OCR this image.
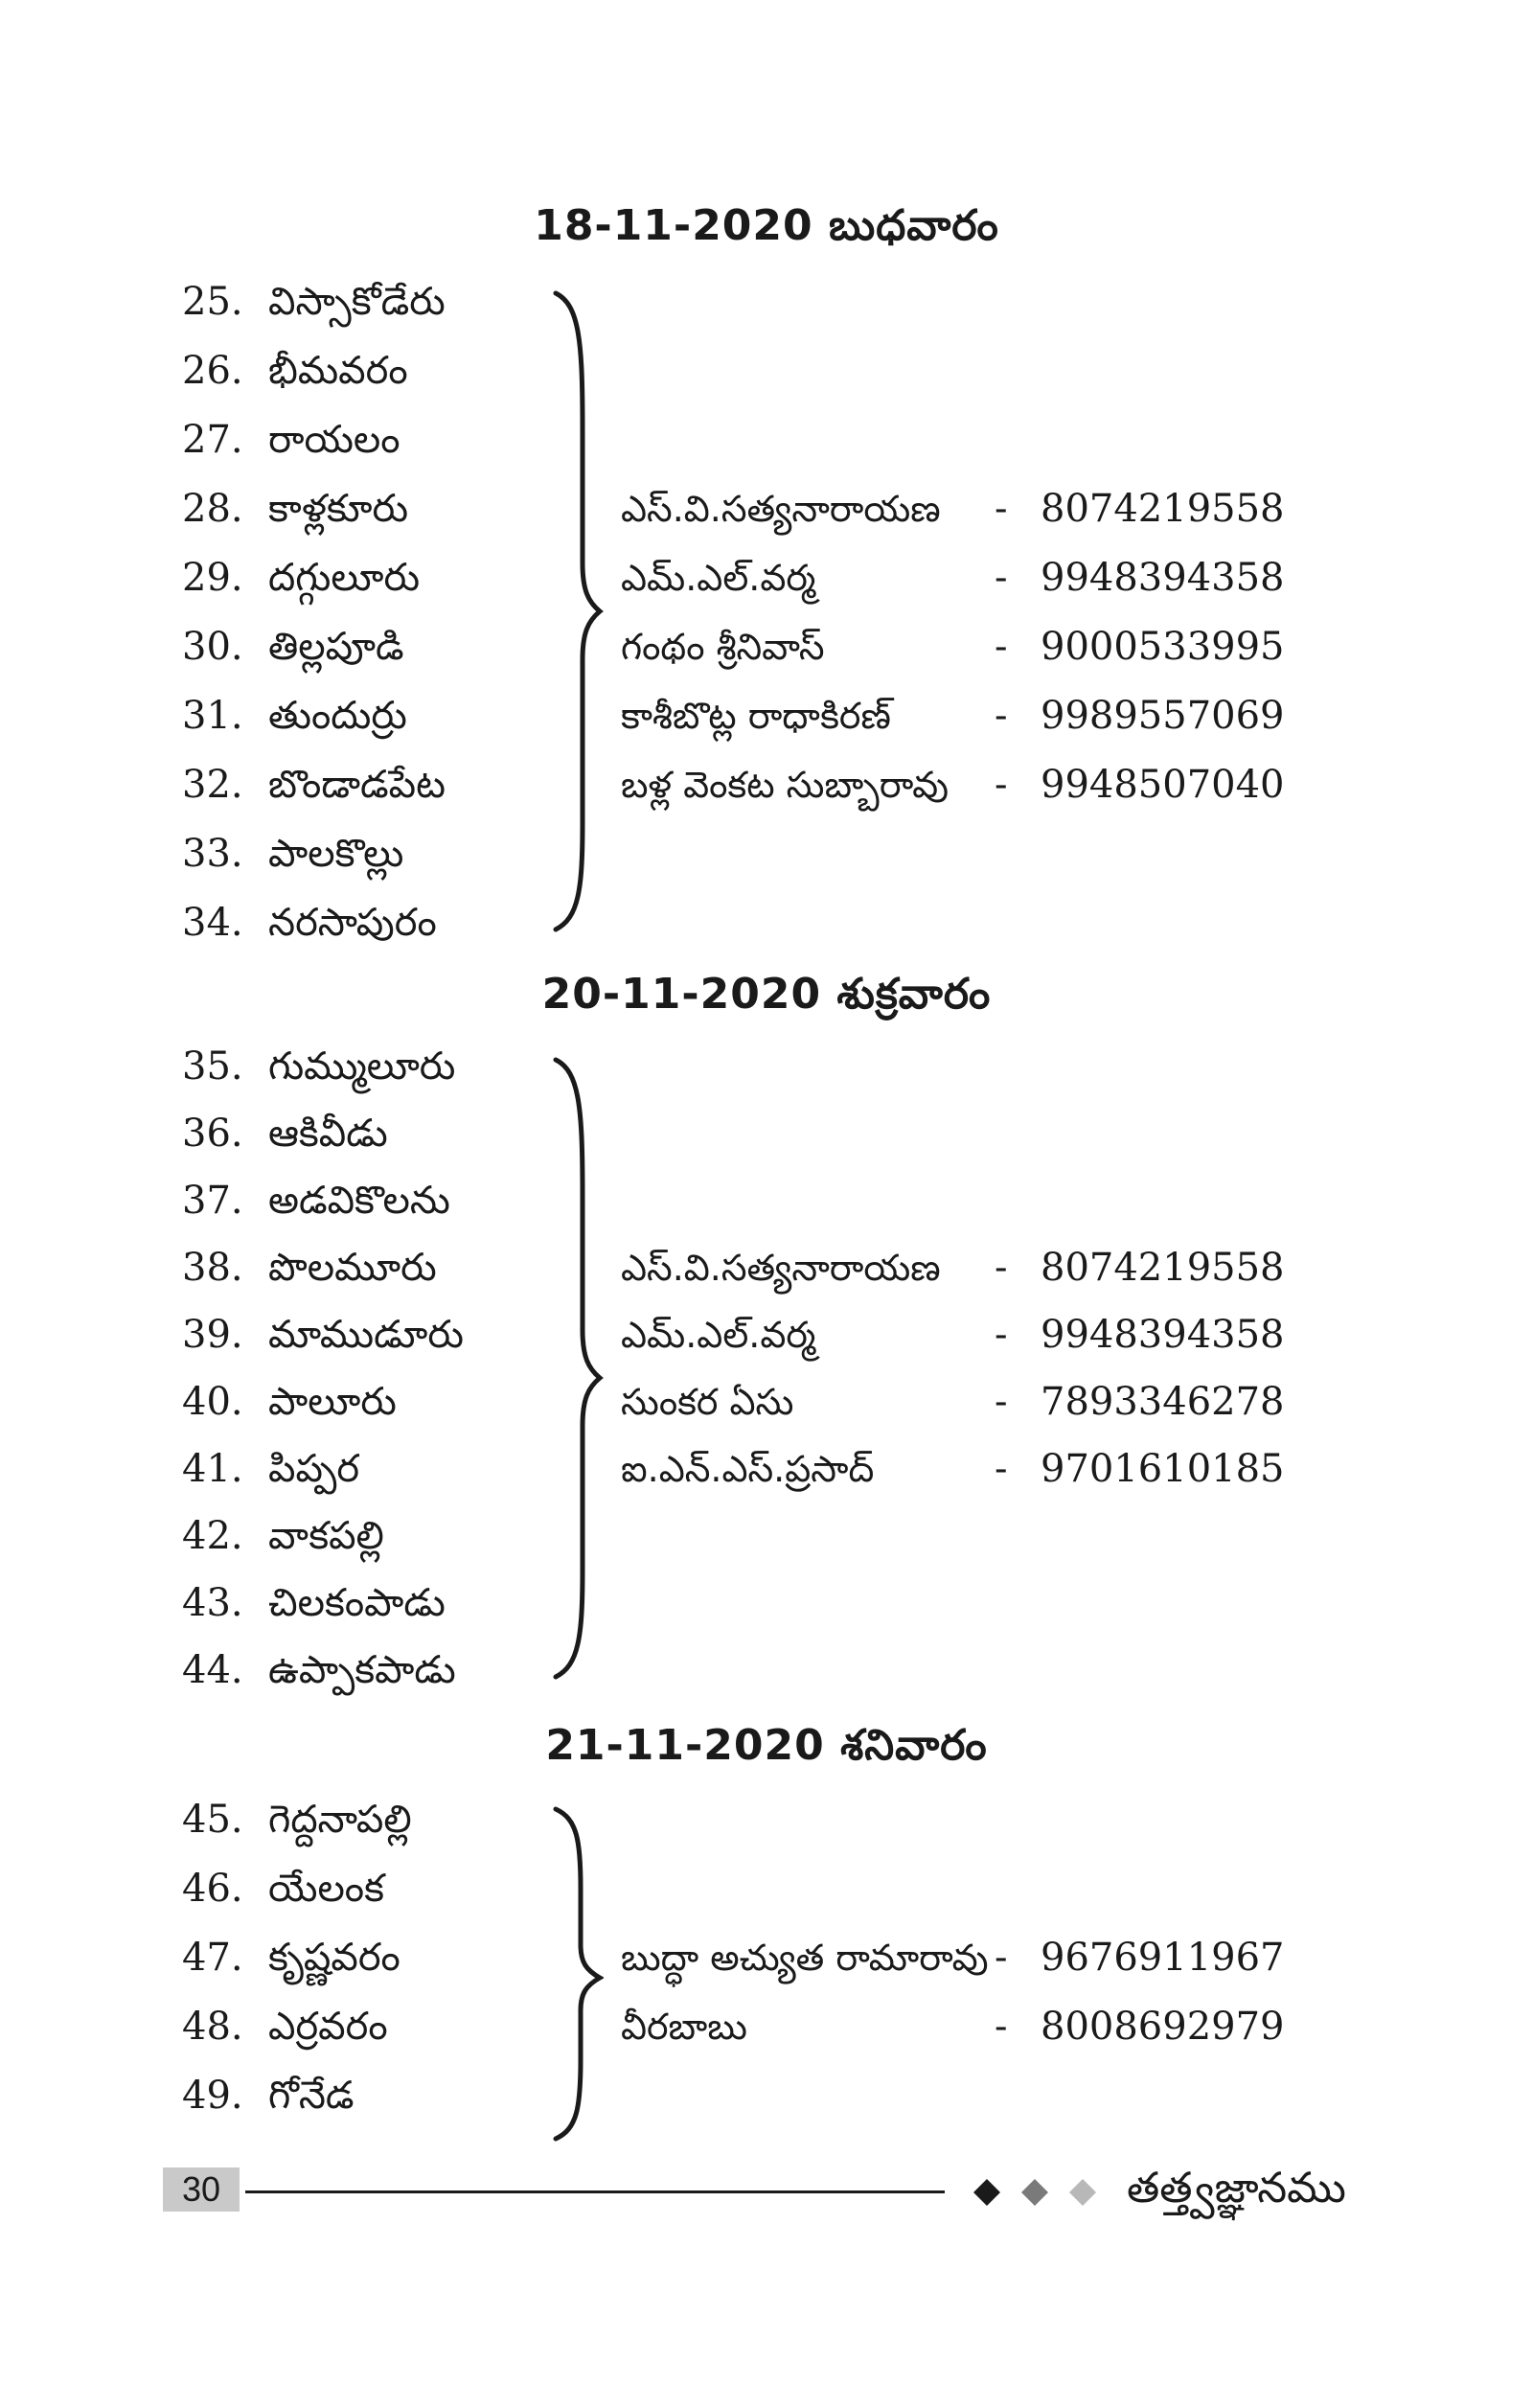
18-11-2020 బుధవారం
25. విస్సాకోడేరు
26. భీమవరం
27. రాయలం
28. కాళ్లకూరు
29. దగ్గులూరు
30. తిల్లపూడి
31. తుందుర్రు
32. బొండాడపేట
33. పాలకొల్లు
34. నరసాపురం
ఎస్.వి.సత్యనారాయణ - 8074219558
ఎమ్.ఎల్.వర్మ	- 9948394358
గంథం శ్రీనివాస్	- 9000533995
కాశీబొట్ల రాధాకిరణ్	- 9989557069
బళ్ల వెంకట సుబ్బారావు - 9948507040
20-11-2020 శుక్రవారం
35. గుమ్ములూరు
36. ఆకివీడు
37. అడవికొలను
38. పొలమూరు
39. మాముడూరు
40. పాలూరు
41. పిప్పర
42. వాకపల్లి
43. చిలకంపాడు
44. ఉప్పాకపాడు
ఎస్.వి.సత్యనారాయణ - 8074219558
ఎమ్.ఎల్.వర్మ	- 9948394358
సుంకర ఏసు	- 7893346278
ఐ.ఎన్.ఎస్.ప్రసాద్	- 9701610185
21-11-2020 శనివారం
45. గెద్దనాపల్లి
46. యేలంక
47. కృష్ణవరం
48. ఎర్రవరం
49. గోనేడ
బుద్ధా అచ్యుత రామారావు - 9676911967
వీరబాబు	- 8008692979
30	తత్త్వజ్ఞానము
